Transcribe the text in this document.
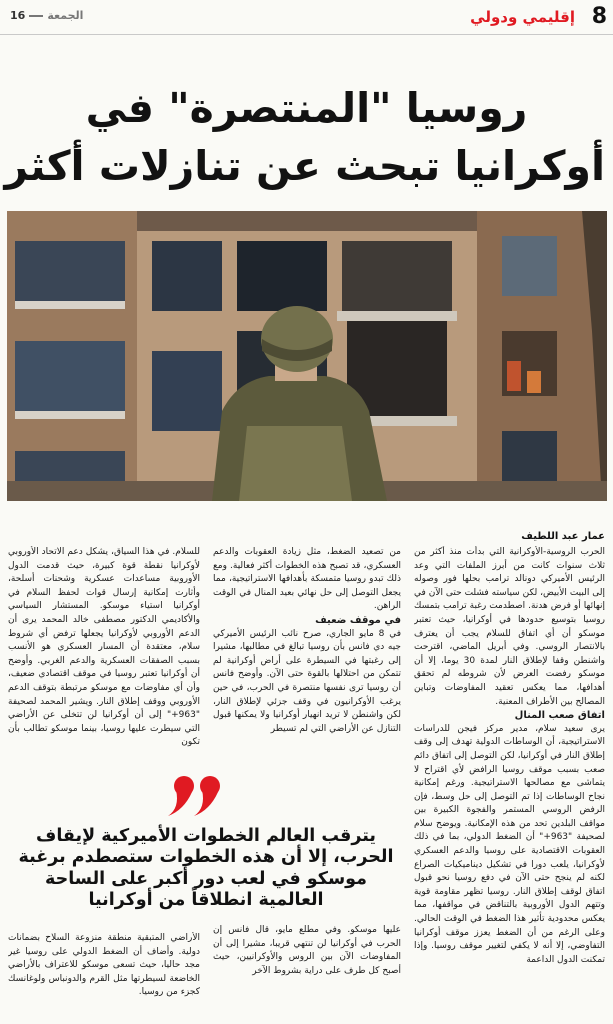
8
إقليمي ودولي
الجمعة16
روسيا "المنتصرة" في
أوكرانيا تبحث عن تنازلات أكثر
عمار عبد اللطيف

الحرب الروسية-الأوكرانية التي بدأت منذ أكثر من ثلاث سنوات كانت من أبرز الملفات التي وعد الرئيس الأميركي دونالد ترامب بحلها فور وصوله إلى البيت الأبيض، لكن سياسته فشلت حتى الآن في إنهائها أو فرض هدنة. اصطدمت رغبة ترامب بتمسك روسيا بتوسيع حدودها في أوكرانيا، حيث تعتبر موسكو أن أي اتفاق للسلام يجب أن يعترف بالانتصار الروسي. وفي أبريل الماضي، اقترحت واشنطن وقفا لإطلاق النار لمدة 30 يوما، إلا أن موسكو رفضت العرض لأن شروطه لم تحقق أهدافها، مما يعكس تعقيد المفاوضات وتباين المصالح بين الأطراف المعنية.

اتفاق صعب المنال

يرى سعيد سلام، مدير مركز فيجن للدراسات الاستراتيجية، أن الوساطات الدولية تهدف إلى وقف إطلاق النار في أوكرانيا، لكن التوصل إلى اتفاق دائم صعب بسبب موقف روسيا الرافض لأي اقتراح لا يتماشى مع مصالحها الاستراتيجية. ورغم إمكانية نجاح الوساطات إذا تم التوصل إلى حل وسط، فإن الرفض الروسي المستمر والفجوة الكبيرة بين مواقف البلدين تحد من هذه الإمكانية. ويوضح سلام لصحيفة "963+" أن الضغط الدولي، بما في ذلك العقوبات الاقتصادية على روسيا والدعم العسكري لأوكرانيا، يلعب دورا في تشكيل ديناميكيات الصراع لكنه لم ينجح حتى الآن في دفع روسيا نحو قبول اتفاق لوقف إطلاق النار. روسيا تظهر مقاومة قوية وتتهم الدول الأوروبية بالتناقض في مواقفها، مما يعكس محدودية تأثير هذا الضغط في الوقت الحالي. وعلى الرغم من أن الضغط يعزز موقف أوكرانيا التفاوضي، إلا أنه لا يكفي لتغيير موقف روسيا. وإذا تمكنت الدول الداعمة

من تصعيد الضغط، مثل زيادة العقوبات والدعم العسكري، قد تصبح هذه الخطوات أكثر فعالية. ومع ذلك تبدو روسيا متمسكة بأهدافها الاستراتيجية، مما يجعل التوصل إلى حل نهائي بعيد المنال في الوقت الراهن.

في موقف ضعيف

في 8 مايو الجاري، صرح نائب الرئيس الأميركي جيه دي فانس بأن روسيا تبالغ في مطالبها، مشيرا إلى رغبتها في السيطرة على أراض أوكرانية لم تتمكن من احتلالها بالقوة حتى الآن. وأوضح فانس أن روسيا ترى نفسها منتصرة في الحرب، في حين يرغب الأوكرانيون في وقف جزئي لإطلاق النار، لكن واشنطن لا تريد انهيار أوكرانيا ولا يمكنها قبول التنازل عن الأراضي التي لم تسيطر

للسلام. في هذا السياق، يشكل دعم الاتحاد الأوروبي لأوكرانيا نقطة قوة كبيرة، حيث قدمت الدول الأوروبية مساعدات عسكرية وشحنات أسلحة، وأثارت إمكانية إرسال قوات لحفظ السلام في أوكرانيا استياء موسكو. المستشار السياسي والأكاديمي الدكتور مصطفى خالد المحمد يرى أن الدعم الأوروبي لأوكرانيا يجعلها ترفض أي شروط سلام، معتقدة أن المسار العسكري هو الأنسب بسبب الصفقات العسكرية والدعم الغربي. وأوضح أن أوكرانيا تعتبر روسيا في موقف اقتصادي ضعيف، وأن أي مفاوضات مع موسكو مرتبطة بتوقف الدعم الأوروبي ووقف إطلاق النار. ويشير المحمد لصحيفة "963+" إلى أن أوكرانيا لن تتخلى عن الأراضي التي سيطرت عليها روسيا، بينما موسكو تطالب بأن تكون

يترقب العالم الخطوات الأميركية لإيقاف الحرب، إلا أن هذه الخطوات ستصطدم برغبة موسكو في لعب دور أكبر على الساحة العالمية انطلاقاً من أوكرانيا
عليها موسكو. وفي مطلع مايو، قال فانس إن الحرب في أوكرانيا لن تنتهي قريبا، مشيرا إلى أن المفاوضات الآن بين الروس والأوكرانيين، حيث أصبح كل طرف على دراية بشروط الآخر
الأراضي المتبقية منطقة منزوعة السلاح بضمانات دولية. وأضاف أن الضغط الدولي على روسيا غير مجد حاليا، حيث تسعى موسكو للاعتراف بالأراضي الخاضعة لسيطرتها مثل القرم والدونباس ولوغانسك كجزء من روسيا.
